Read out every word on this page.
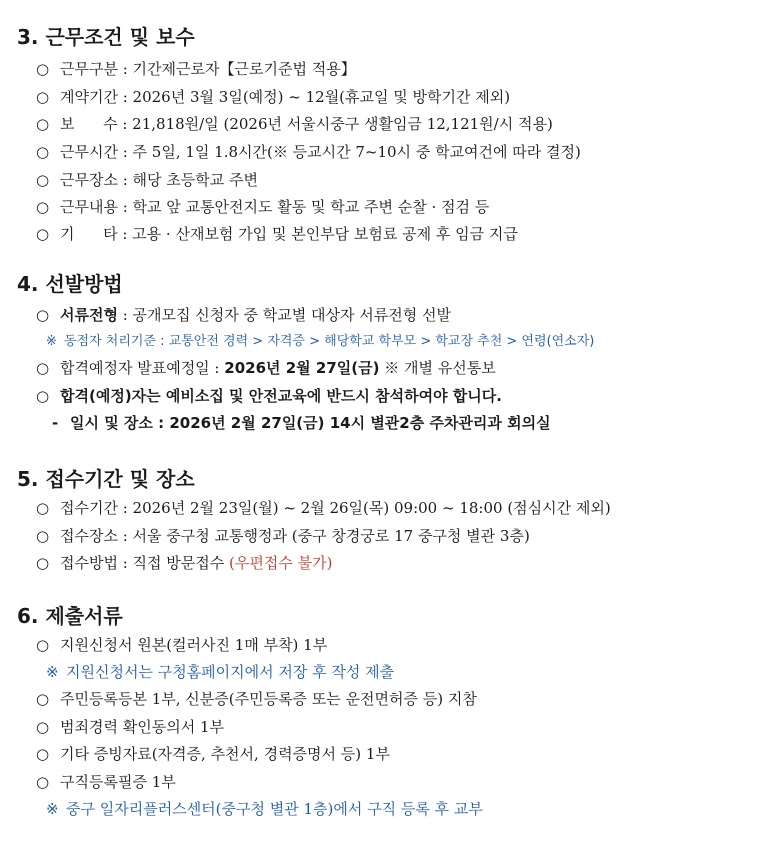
3. 근무조건 및 보수

○ 근무구분 : 기간제근로자【근로기준법 적용】

○ 계약기간 : 2026년 3월 3일(예정) ~ 12월(휴교일 및 방학기간 제외)

○ 보      수 : 21,818원/일 (2026년 서울시중구 생활임금 12,121원/시 적용)

○ 근무시간 : 주 5일, 1일 1.8시간(※ 등교시간 7~10시 중 학교여건에 따라 결정)

○ 근무장소 : 해당 초등학교 주변

○ 근무내용 : 학교 앞 교통안전지도 활동 및 학교 주변 순찰 · 점검 등

○ 기      타 : 고용 · 산재보험 가입 및 본인부담 보험료 공제 후 임금 지급

4. 선발방법

○ 서류전형 : 공개모집 신청자 중 학교별 대상자 서류전형 선발

※ 동점자 처리기준 : 교통안전 경력 > 자격증 > 해당학교 학부모 > 학교장 추천 > 연령(연소자)

○ 합격예정자 발표예정일 : 2026년 2월 27일(금) ※ 개별 유선통보

○ 합격(예정)자는 예비소집 및 안전교육에 반드시 참석하여야 합니다.

- 일시 및 장소 : 2026년 2월 27일(금) 14시 별관2층 주차관리과 회의실

5. 접수기간 및 장소

○ 접수기간 : 2026년 2월 23일(월) ~ 2월 26일(목) 09:00 ~ 18:00 (점심시간 제외)

○ 접수장소 : 서울 중구청 교통행정과 (중구 창경궁로 17 중구청 별관 3층)

○ 접수방법 : 직접 방문접수 (우편접수 불가)

6. 제출서류

○ 지원신청서 원본(컬러사진 1매 부착) 1부

※ 지원신청서는 구청홈페이지에서 저장 후 작성 제출

○ 주민등록등본 1부, 신분증(주민등록증 또는 운전면허증 등) 지참

○ 범죄경력 확인동의서 1부

○ 기타 증빙자료(자격증, 추천서, 경력증명서 등) 1부

○ 구직등록필증 1부

※ 중구 일자리플러스센터(중구청 별관 1층)에서 구직 등록 후 교부
